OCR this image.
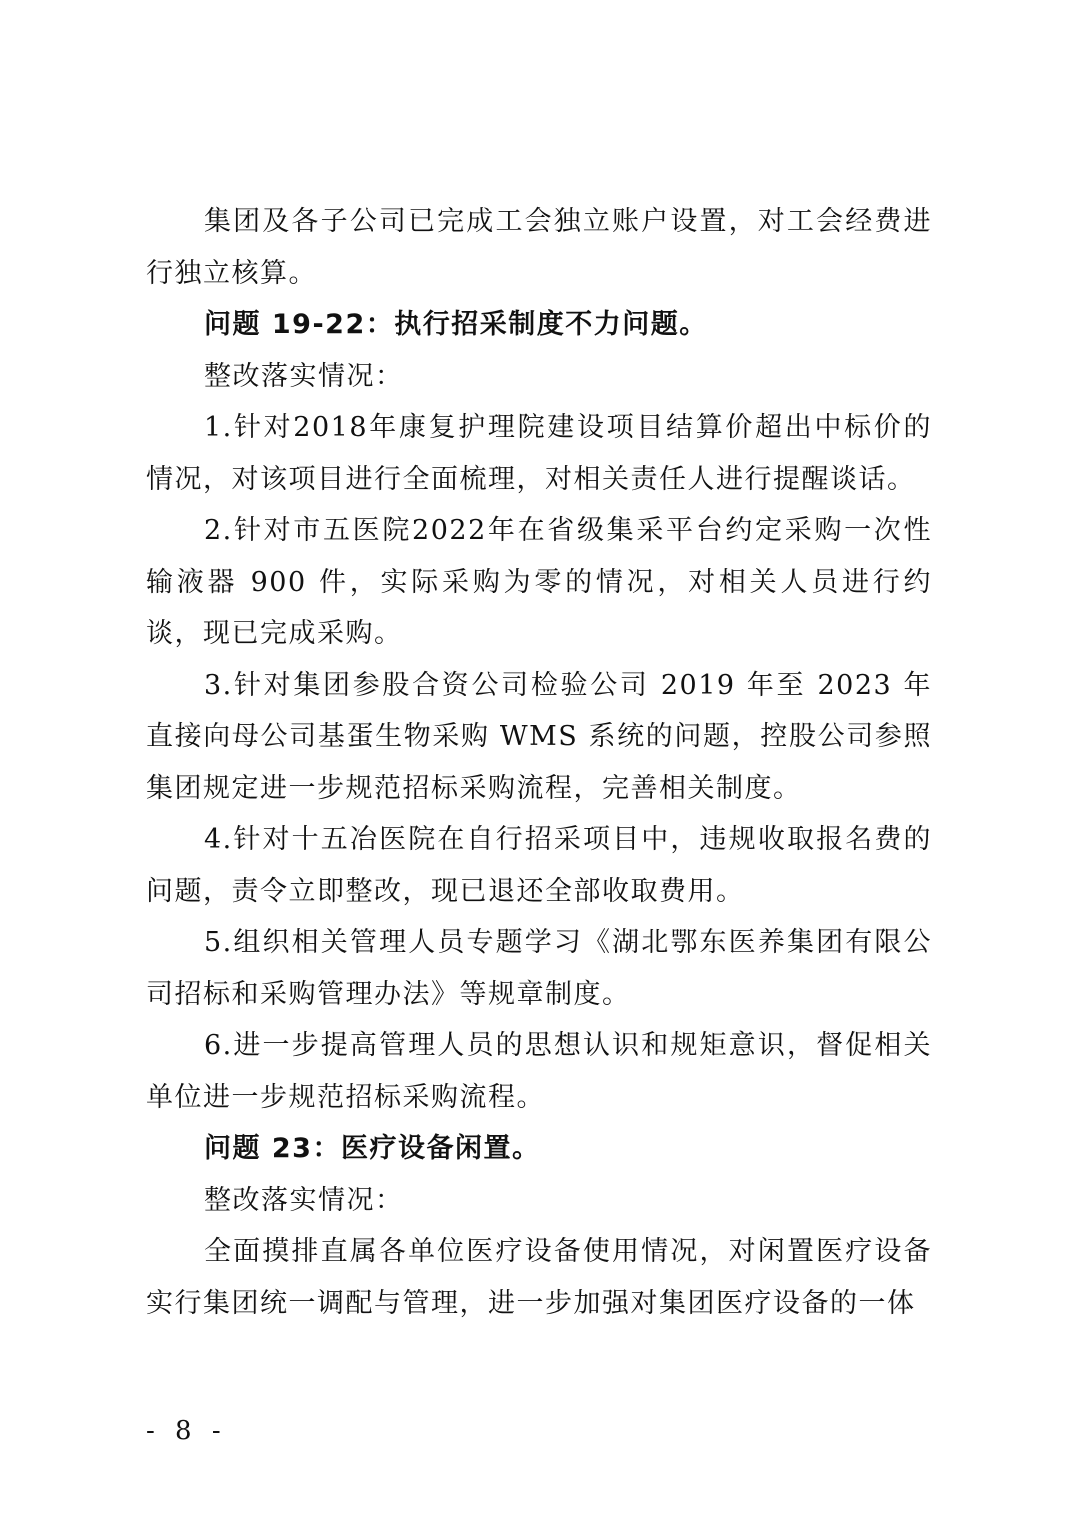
集团及各子公司已完成工会独立账户设置，对工会经费进行独立核算。

问题 19-22：执行招采制度不力问题。

整改落实情况：

1.针对2018年康复护理院建设项目结算价超出中标价的情况，对该项目进行全面梳理，对相关责任人进行提醒谈话。

2.针对市五医院2022年在省级集采平台约定采购一次性输液器 900 件，实际采购为零的情况，对相关人员进行约谈，现已完成采购。

3.针对集团参股合资公司检验公司 2019 年至 2023 年直接向母公司基蛋生物采购 WMS 系统的问题，控股公司参照集团规定进一步规范招标采购流程，完善相关制度。

4.针对十五冶医院在自行招采项目中，违规收取报名费的问题，责令立即整改，现已退还全部收取费用。

5.组织相关管理人员专题学习《湖北鄂东医养集团有限公司招标和采购管理办法》等规章制度。

6.进一步提高管理人员的思想认识和规矩意识，督促相关单位进一步规范招标采购流程。

问题 23：医疗设备闲置。

整改落实情况：

全面摸排直属各单位医疗设备使用情况，对闲置医疗设备实行集团统一调配与管理，进一步加强对集团医疗设备的一体

- 8 -
